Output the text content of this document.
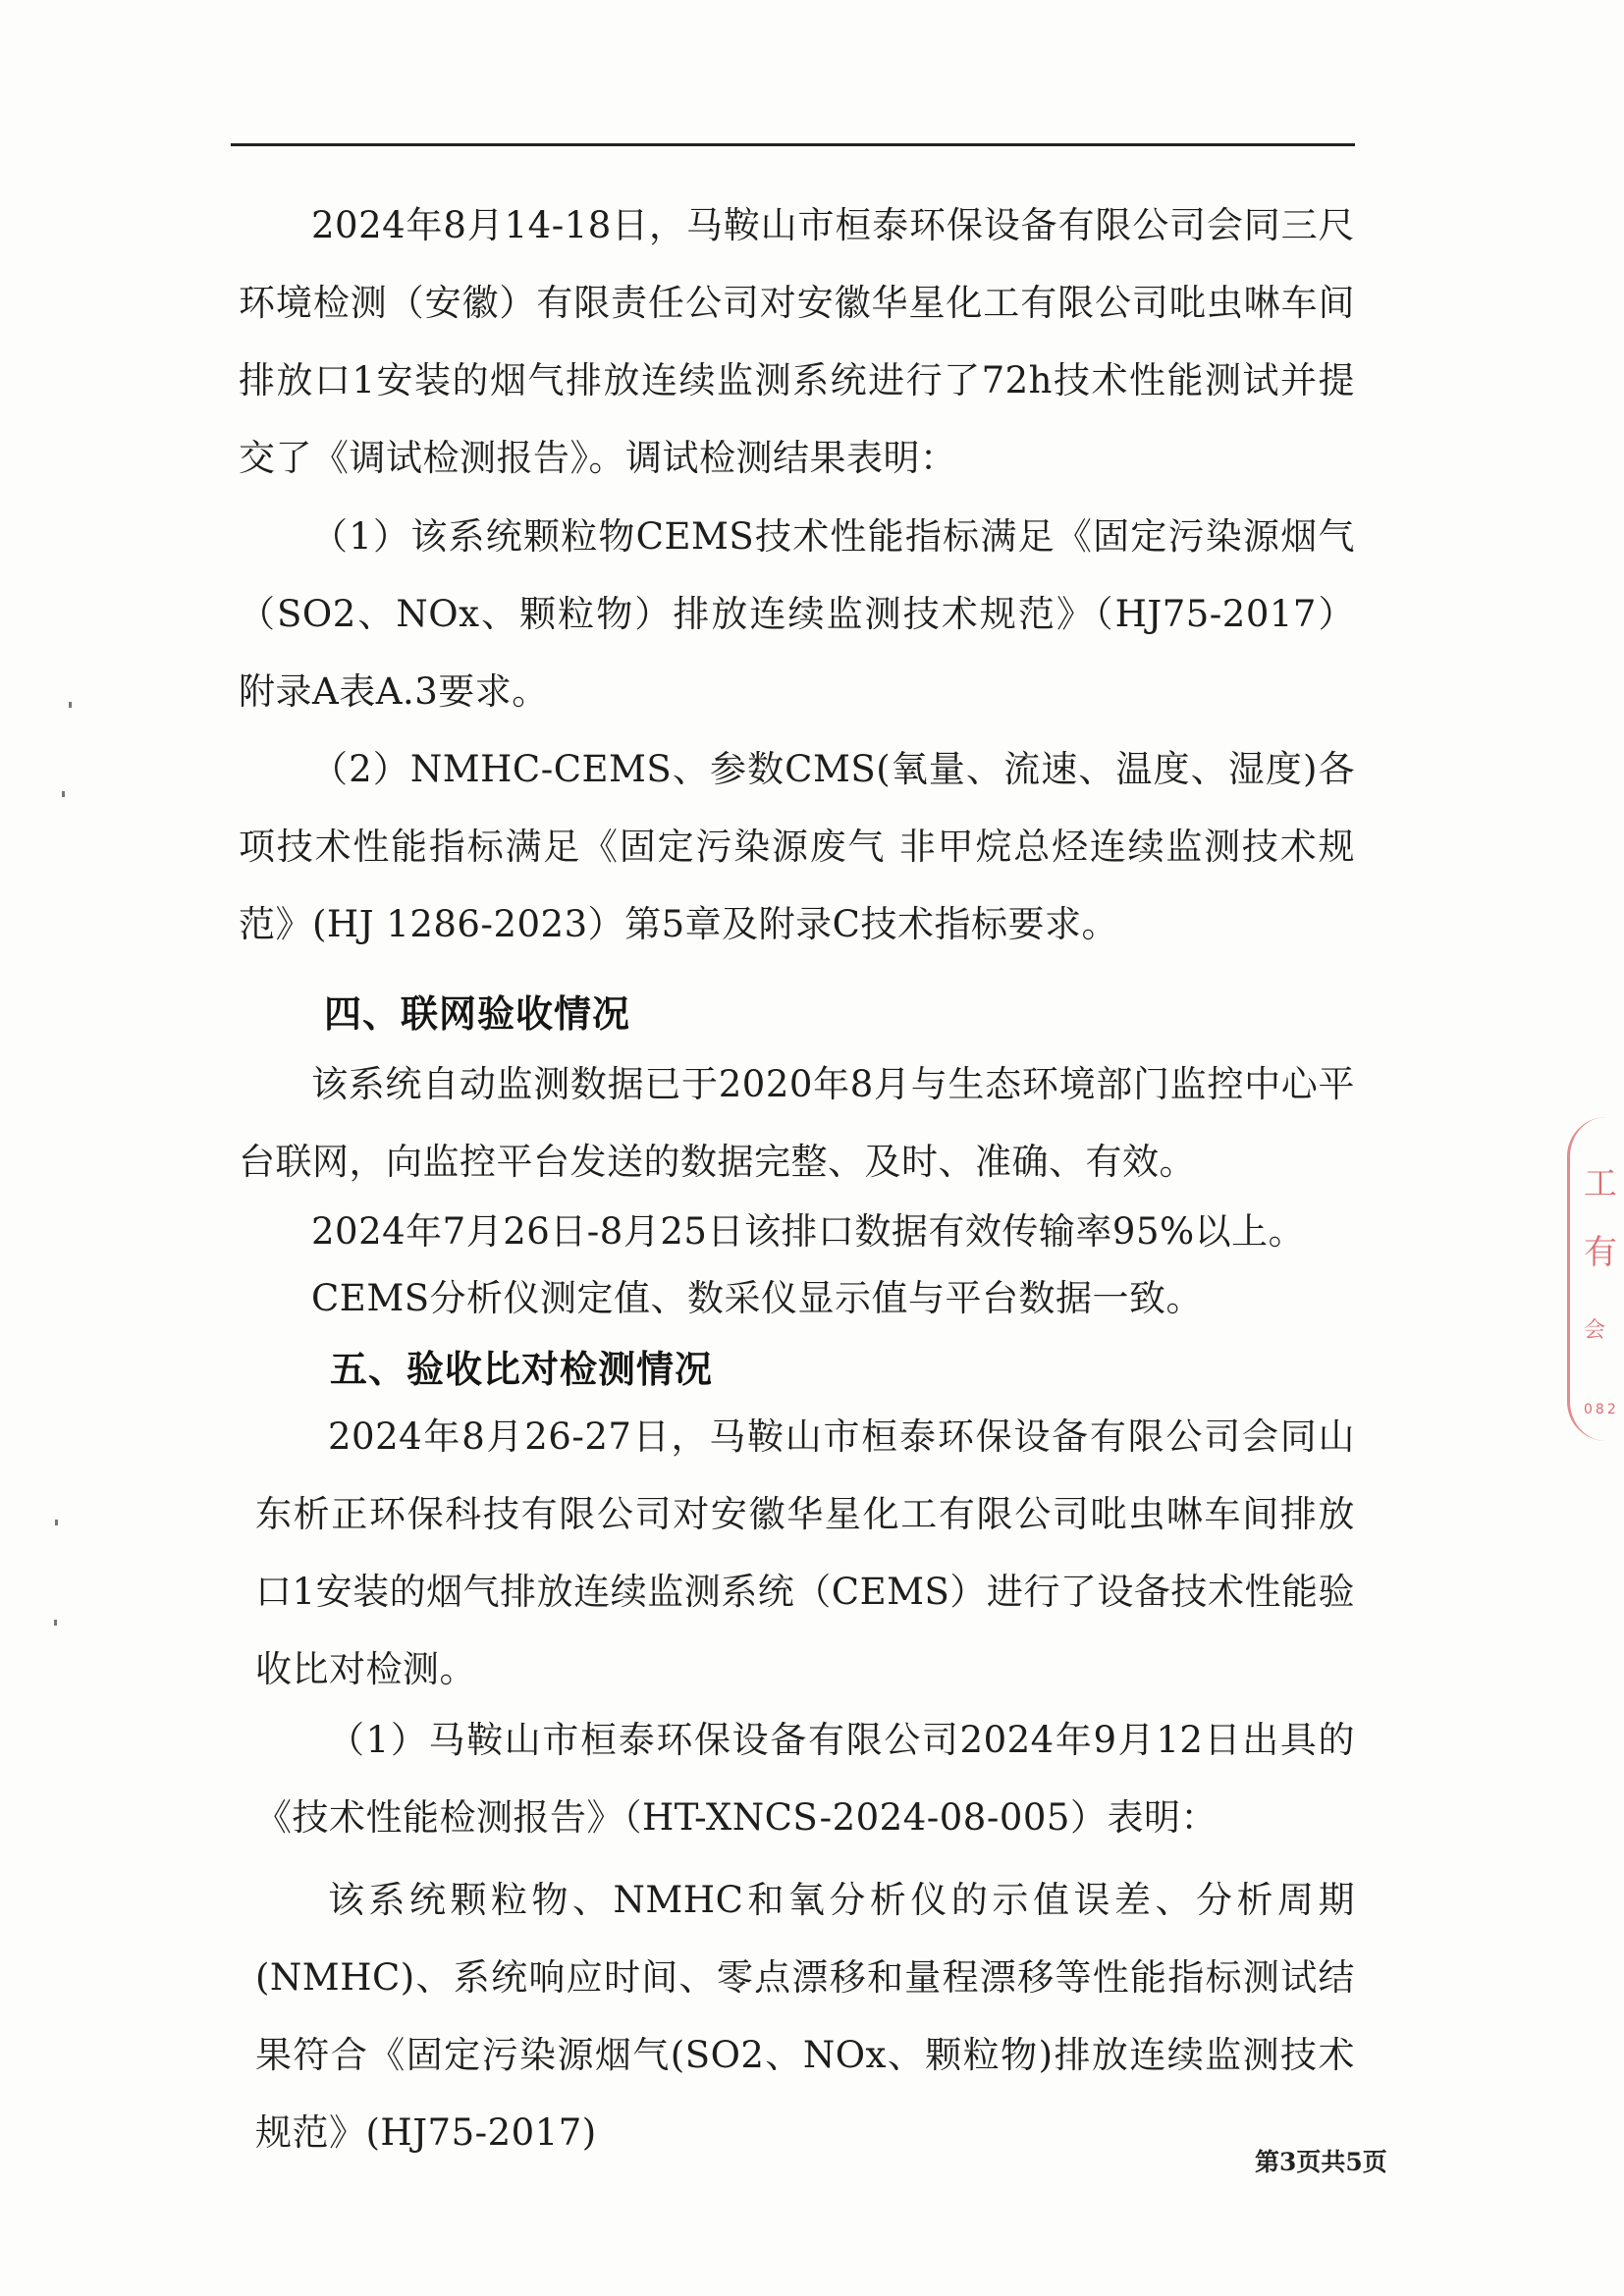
2024年8月14-18日，马鞍山市桓泰环保设备有限公司会同三尺环境检测（安徽）有限责任公司对安徽华星化工有限公司吡虫啉车间排放口1安装的烟气排放连续监测系统进行了72h技术性能测试并提交了《调试检测报告》。调试检测结果表明：

（1）该系统颗粒物CEMS技术性能指标满足《固定污染源烟气（SO2、NOx、颗粒物）排放连续监测技术规范》（HJ75-2017）附录A表A.3要求。

（2）NMHC-CEMS、参数CMS(氧量、流速、温度、湿度)各项技术性能指标满足《固定污染源废气 非甲烷总烃连续监测技术规范》(HJ 1286-2023）第5章及附录C技术指标要求。

四、联网验收情况

该系统自动监测数据已于2020年8月与生态环境部门监控中心平台联网，向监控平台发送的数据完整、及时、准确、有效。

2024年7月26日-8月25日该排口数据有效传输率95%以上。

CEMS分析仪测定值、数采仪显示值与平台数据一致。

五、验收比对检测情况

2024年8月26-27日，马鞍山市桓泰环保设备有限公司会同山东析正环保科技有限公司对安徽华星化工有限公司吡虫啉车间排放口1安装的烟气排放连续监测系统（CEMS）进行了设备技术性能验收比对检测。

（1）马鞍山市桓泰环保设备有限公司2024年9月12日出具的《技术性能检测报告》（HT-XNCS-2024-08-005）表明：

该系统颗粒物、NMHC和氧分析仪的示值误差、分析周期(NMHC)、系统响应时间、零点漂移和量程漂移等性能指标测试结果符合《固定污染源烟气(SO2、NOx、颗粒物)排放连续监测技术规范》(HJ75-2017)

第3页共5页
工
有
会
082
